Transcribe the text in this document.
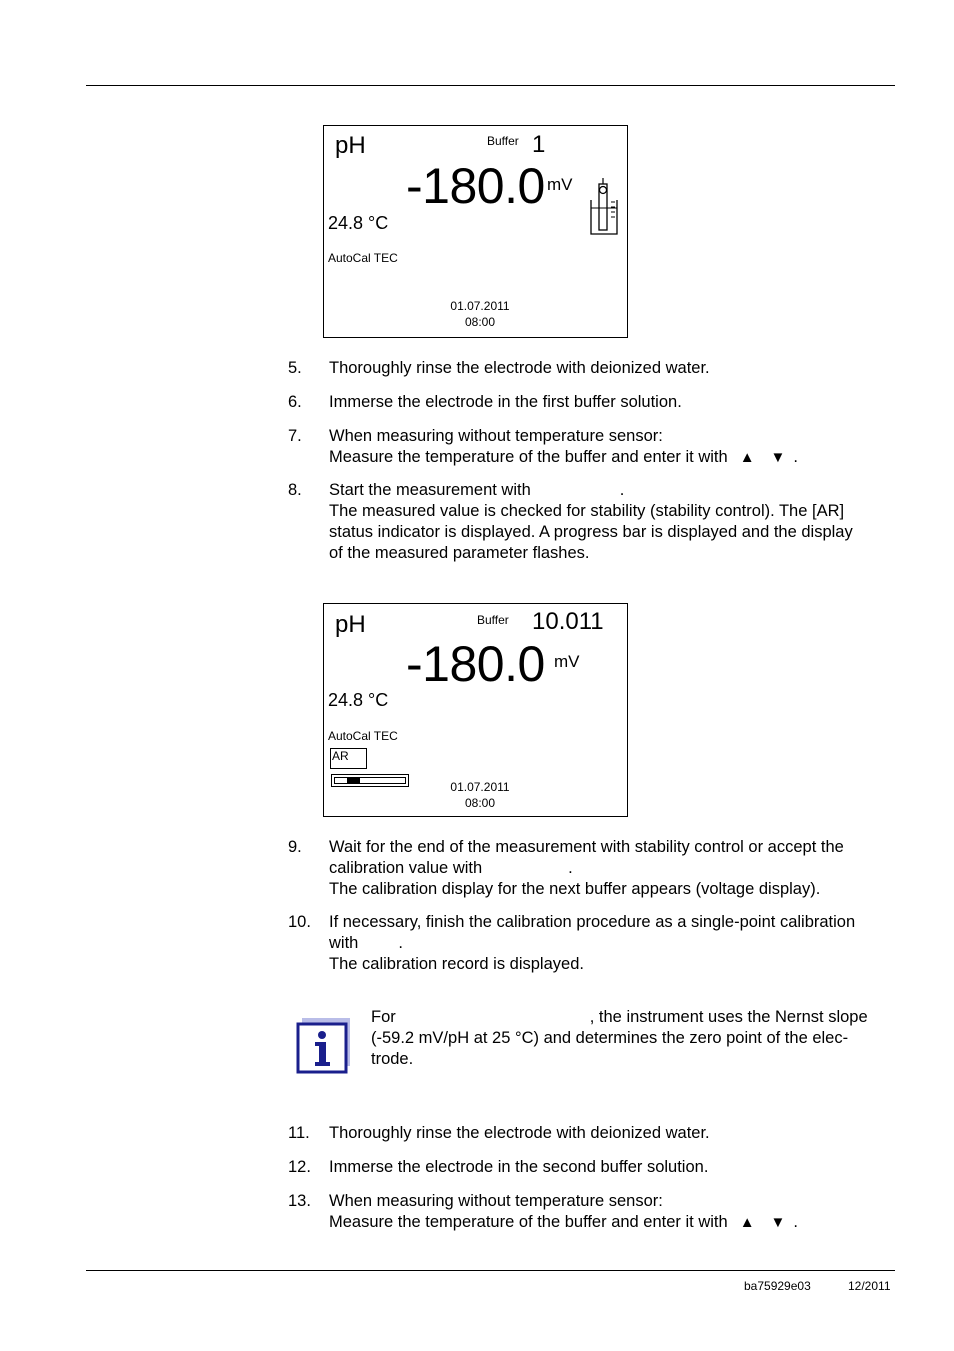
pH	Buffer 1
-180.0 mV
24.8 °C
AutoCal TEC
01.07.2011
08:00
5. Thoroughly rinse the electrode with deionized water.
6. Immerse the electrode in the first buffer solution.
7. When measuring without temperature sensor:
Measure the temperature of the buffer and enter it with ▲ ▼ .
8. Start the measurement with	.
The measured value is checked for stability (stability control). The [AR]
status indicator is displayed. A progress bar is displayed and the display
of the measured parameter flashes.
pH	Buffer 10.011
-180.0 mV
24.8 °C
AutoCal TEC
AR
01.07.2011
08:00
9. Wait for the end of the measurement with stability control or accept the
calibration value with	.
The calibration display for the next buffer appears (voltage display).
10. If necessary, finish the calibration procedure as a single-point calibration
with .
The calibration record is displayed.
For	, the instrument uses the Nernst slope
(-59.2 mV/pH at 25 °C) and determines the zero point of the elec-
trode.
11. Thoroughly rinse the electrode with deionized water.
12. Immerse the electrode in the second buffer solution.
13. When measuring without temperature sensor:
Measure the temperature of the buffer and enter it with ▲ ▼ .
ba75929e03	12/2011
